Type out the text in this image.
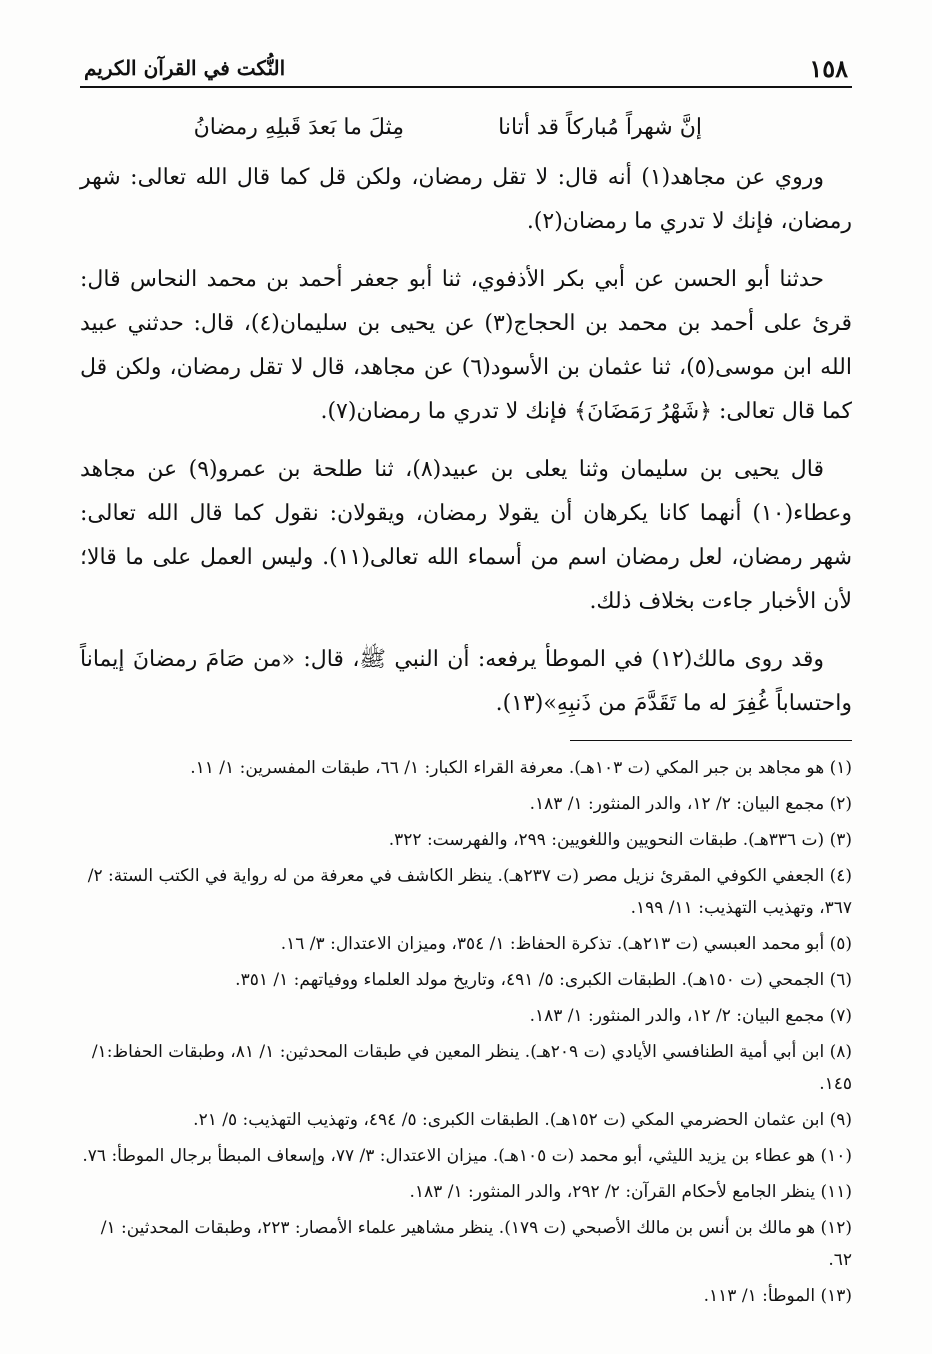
١٥٨
النُّكت في القرآن الكريم
إنَّ شهراً مُباركاً قد أتانا
مِثلَ ما بَعدَ قَبلِهِ رمضانُ

وروي عن مجاهد(١) أنه قال: لا تقل رمضان، ولكن قل كما قال الله تعالى: شهر رمضان، فإنك لا تدري ما رمضان(٢).

حدثنا أبو الحسن عن أبي بكر الأذفوي، ثنا أبو جعفر أحمد بن محمد النحاس قال: قرئ على أحمد بن محمد بن الحجاج(٣) عن يحيى بن سليمان(٤)، قال: حدثني عبيد الله ابن موسى(٥)، ثنا عثمان بن الأسود(٦) عن مجاهد، قال لا تقل رمضان، ولكن قل كما قال تعالى: ﴿شَهْرُ رَمَضَانَ﴾ فإنك لا تدري ما رمضان(٧).

قال يحيى بن سليمان وثنا يعلى بن عبيد(٨)، ثنا طلحة بن عمرو(٩) عن مجاهد وعطاء(١٠) أنهما كانا يكرهان أن يقولا رمضان، ويقولان: نقول كما قال الله تعالى: شهر رمضان، لعل رمضان اسم من أسماء الله تعالى(١١). وليس العمل على ما قالا؛ لأن الأخبار جاءت بخلاف ذلك.

وقد روى مالك(١٢) في الموطأ يرفعه: أن النبي ﷺ، قال: «من صَامَ رمضانَ إيماناً واحتساباً غُفِرَ له ما تَقَدَّمَ من ذَنبِهِ»(١٣).

(١) هو مجاهد بن جبر المكي (ت ١٠٣هـ). معرفة القراء الكبار: ١/ ٦٦، طبقات المفسرين: ١/ ١١.

(٢) مجمع البيان: ٢/ ١٢، والدر المنثور: ١/ ١٨٣.

(٣) (ت ٣٣٦هـ). طبقات النحويين واللغويين: ٢٩٩، والفهرست: ٣٢٢.

(٤) الجعفي الكوفي المقرئ نزيل مصر (ت ٢٣٧هـ). ينظر الكاشف في معرفة من له رواية في الكتب الستة: ٢/ ٣٦٧، وتهذيب التهذيب: ١١/ ١٩٩.

(٥) أبو محمد العبسي (ت ٢١٣هـ). تذكرة الحفاظ: ١/ ٣٥٤، وميزان الاعتدال: ٣/ ١٦.

(٦) الجمحي (ت ١٥٠هـ). الطبقات الكبرى: ٥/ ٤٩١، وتاريخ مولد العلماء ووفياتهم: ١/ ٣٥١.

(٧) مجمع البيان: ٢/ ١٢، والدر المنثور: ١/ ١٨٣.

(٨) ابن أبي أمية الطنافسي الأيادي (ت ٢٠٩هـ). ينظر المعين في طبقات المحدثين: ١/ ٨١، وطبقات الحفاظ:١/ ١٤٥.

(٩) ابن عثمان الحضرمي المكي (ت ١٥٢هـ). الطبقات الكبرى: ٥/ ٤٩٤، وتهذيب التهذيب: ٥/ ٢١.

(١٠) هو عطاء بن يزيد الليثي، أبو محمد (ت ١٠٥هـ). ميزان الاعتدال: ٣/ ٧٧، وإسعاف المبطأ برجال الموطأ: ٧٦.

(١١) ينظر الجامع لأحكام القرآن: ٢/ ٢٩٢، والدر المنثور: ١/ ١٨٣.

(١٢) هو مالك بن أنس بن مالك الأصبحي (ت ١٧٩). ينظر مشاهير علماء الأمصار: ٢٢٣، وطبقات المحدثين: ١/ ٦٢.

(١٣) الموطأ: ١/ ١١٣.
